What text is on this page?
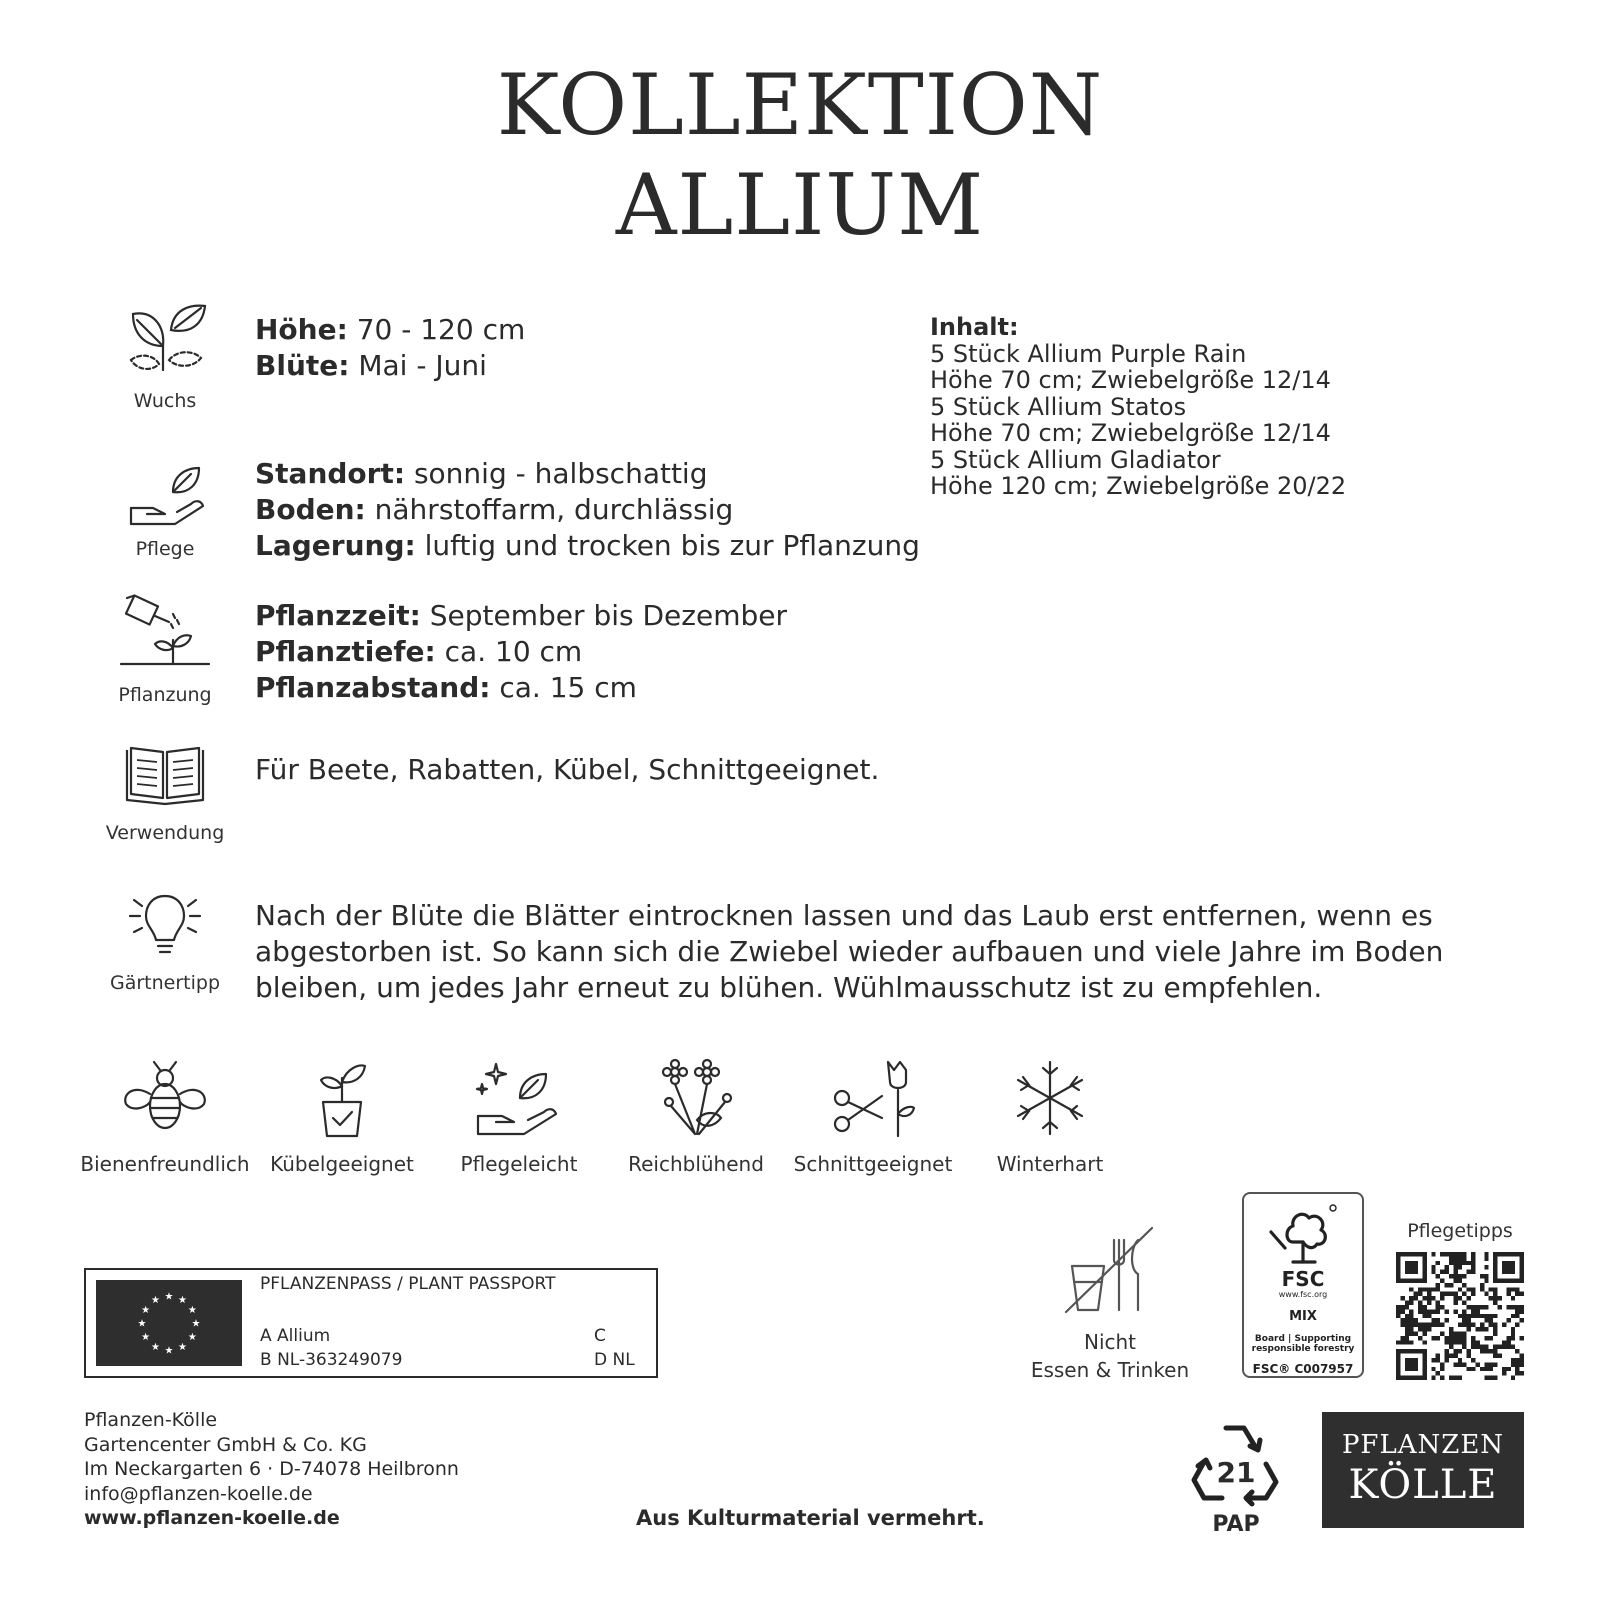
KOLLEKTION
ALLIUM
Wuchs
Höhe: 70 - 120 cm
Blüte: Mai - Juni
Pflege
Standort: sonnig - halbschattig
Boden: nährstoffarm, durchlässig
Lagerung: luftig und trocken bis zur Pflanzung
Pflanzung
Pflanzzeit: September bis Dezember
Pflanztiefe: ca. 10 cm
Pflanzabstand: ca. 15 cm
Verwendung
Für Beete, Rabatten, Kübel, Schnittgeeignet.
Gärtnertipp
Nach der Blüte die Blätter eintrocknen lassen und das Laub erst entfernen, wenn es abgestorben ist. So kann sich die Zwiebel wieder aufbauen und viele Jahre im Boden bleiben, um jedes Jahr erneut zu blühen. Wühlmausschutz ist zu empfehlen.
Inhalt:
5 Stück Allium Purple Rain
Höhe 70 cm; Zwiebelgröße 12/14
5 Stück Allium Statos
Höhe 70 cm; Zwiebelgröße 12/14
5 Stück Allium Gladiator
Höhe 120 cm; Zwiebelgröße 20/22
Bienenfreundlich	Kübelgeeignet	Pflegeleicht	Reichblühend	Schnittgeeignet	Winterhart
★ ★
★
★
★
★
★
★
★
★
★
★
PFLANZENPASS / PLANT PASSPORT
A Allium
B NL-363249079
C
D NL
Nicht
Essen & Trinken
FSC
www.fsc.org
MIX
Board | Supporting
responsible forestry
FSC® C007957
Pflegetipps
Pflanzen-Kölle
Gartencenter GmbH & Co. KG
Im Neckargarten 6 · D-74078 Heilbronn
info@pflanzen-koelle.de
www.pflanzen-koelle.de	Aus Kulturmaterial vermehrt.
21
PAP
PFLANZEN
KÖLLE
